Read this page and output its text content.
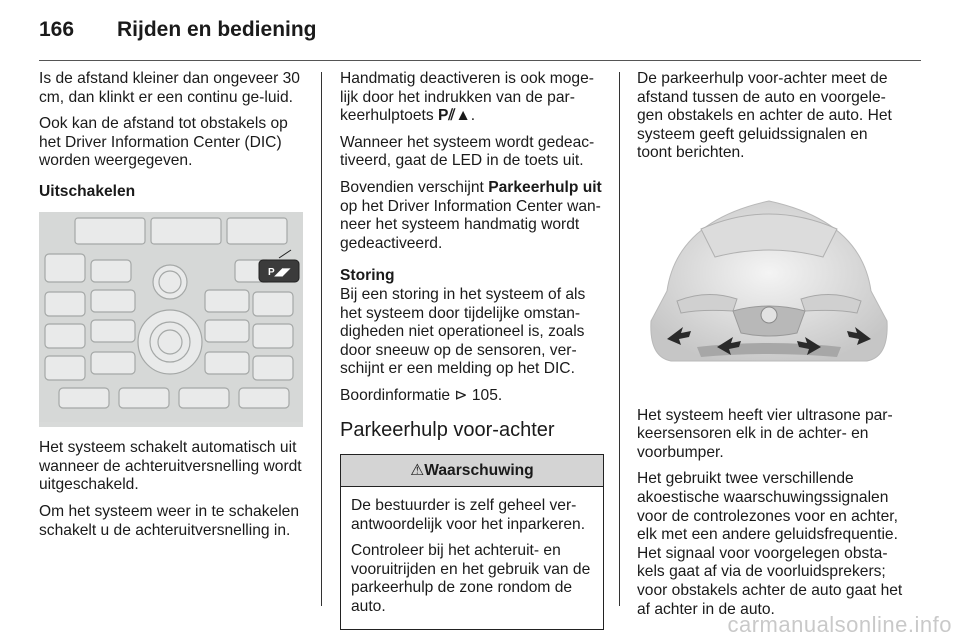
166	Rijden en bediening

Is de afstand kleiner dan ongeveer 30 cm, dan klinkt er een continu ge-luid.

Ook kan de afstand tot obstakels op het Driver Information Center (DIC) worden weergegeven.

Uitschakelen

P◢◤

Het systeem schakelt automatisch uit wanneer de achteruitversnelling wordt uitgeschakeld.

Om het systeem weer in te schakelen schakelt u de achteruitversnelling in.

Handmatig deactiveren is ook moge-lijk door het indrukken van de par-keerhulptoets P⫽▲.

Wanneer het systeem wordt gedeac-tiveerd, gaat de LED in de toets uit.

Bovendien verschijnt Parkeerhulp uit op het Driver Information Center wan-neer het systeem handmatig wordt gedeactiveerd.

Storing

Bij een storing in het systeem of als het systeem door tijdelijke omstan-digheden niet operationeel is, zoals door sneeuw op de sensoren, ver-schijnt er een melding op het DIC.

Boordinformatie ⊳ 105.

Parkeerhulp voor-achter
⚠Waarschuwing

De bestuurder is zelf geheel ver-antwoordelijk voor het inparkeren.

Controleer bij het achteruit- en vooruitrijden en het gebruik van de parkeerhulp de zone rondom de auto.

De parkeerhulp voor-achter meet de afstand tussen de auto en voorgele-gen obstakels en achter de auto. Het systeem geeft geluidssignalen en toont berichten.

Het systeem heeft vier ultrasone par-keersensoren elk in de achter- en voorbumper.

Het gebruikt twee verschillende akoestische waarschuwingssignalen voor de controlezones voor en achter, elk met een andere geluidsfrequentie. Het signaal voor voorgelegen obsta-kels gaat af via de voorluidsprekers; voor obstakels achter de auto gaat het af achter in de auto.

carmanualsonline.info
